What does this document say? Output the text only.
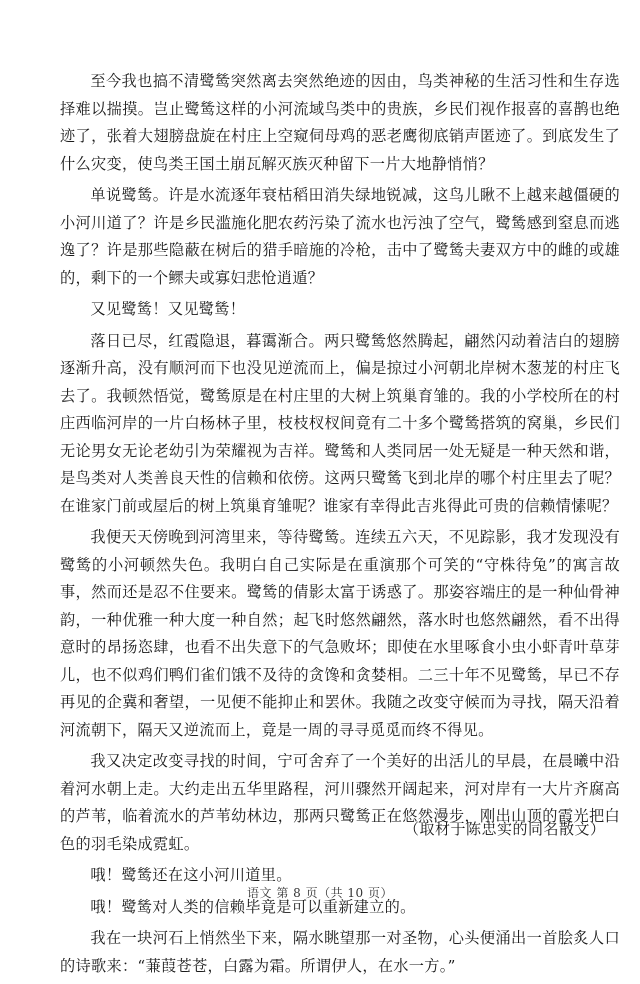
至今我也搞不清鹭鸶突然离去突然绝迹的因由，鸟类神秘的生活习性和生存选择难以揣摸。岂止鹭鸶这样的小河流域鸟类中的贵族，乡民们视作报喜的喜鹊也绝迹了，张着大翅膀盘旋在村庄上空窥伺母鸡的恶老鹰彻底销声匿迹了。到底发生了什么灾变，使鸟类王国土崩瓦解灭族灭种留下一片大地静悄悄？

单说鹭鸶。许是水流逐年衰枯稻田消失绿地锐减，这鸟儿瞅不上越来越僵硬的小河川道了？许是乡民滥施化肥农药污染了流水也污浊了空气，鹭鸶感到窒息而逃逸了？许是那些隐蔽在树后的猎手暗施的冷枪，击中了鹭鸶夫妻双方中的雌的或雄的，剩下的一个鳏夫或寡妇悲怆逍遁？

又见鹭鸶！又见鹭鸶！

落日已尽，红霞隐退，暮霭渐合。两只鹭鸶悠然腾起，翩然闪动着洁白的翅膀逐渐升高，没有顺河而下也没见逆流而上，偏是掠过小河朝北岸树木葱茏的村庄飞去了。我顿然悟觉，鹭鸶原是在村庄里的大树上筑巢育雏的。我的小学校所在的村庄西临河岸的一片白杨林子里，枝枝杈杈间竟有二十多个鹭鸶搭筑的窝巢，乡民们无论男女无论老幼引为荣耀视为吉祥。鹭鸶和人类同居一处无疑是一种天然和谐，是鸟类对人类善良天性的信赖和依傍。这两只鹭鸶飞到北岸的哪个村庄里去了呢？在谁家门前或屋后的树上筑巢育雏呢？谁家有幸得此吉兆得此可贵的信赖情愫呢？

我便天天傍晚到河湾里来，等待鹭鸶。连续五六天，不见踪影，我才发现没有鹭鸶的小河顿然失色。我明白自己实际是在重演那个可笑的“守株待兔”的寓言故事，然而还是忍不住要来。鹭鸶的倩影太富于诱惑了。那姿容端庄的是一种仙骨神韵，一种优雅一种大度一种自然；起飞时悠然翩然，落水时也悠然翩然，看不出得意时的昂扬恣肆，也看不出失意下的气急败坏；即使在水里啄食小虫小虾青叶草芽儿，也不似鸡们鸭们雀们饿不及待的贪馋和贪婪相。二三十年不见鹭鸶，早已不存再见的企冀和奢望，一见便不能抑止和罢休。我随之改变守候而为寻找，隔天沿着河流朝下，隔天又逆流而上，竟是一周的寻寻觅觅而终不得见。

我又决定改变寻找的时间，宁可舍弃了一个美好的出活儿的早晨，在晨曦中沿着河水朝上走。大约走出五华里路程，河川骤然开阔起来，河对岸有一大片齐腐高的芦苇，临着流水的芦苇幼林边，那两只鹭鸶正在悠然漫步，刚出山顶的霞光把白色的羽毛染成霓虹。

哦！鹭鸶还在这小河川道里。

哦！鹭鸶对人类的信赖毕竟是可以重新建立的。

我在一块河石上悄然坐下来，隔水眺望那一对圣物，心头便涌出一首脍炙人口的诗歌来：“蒹葭苍苍，白露为霜。所谓伊人，在水一方。”

（取材于陈忠实的同名散文）
语文 第 8 页（共 10 页）
